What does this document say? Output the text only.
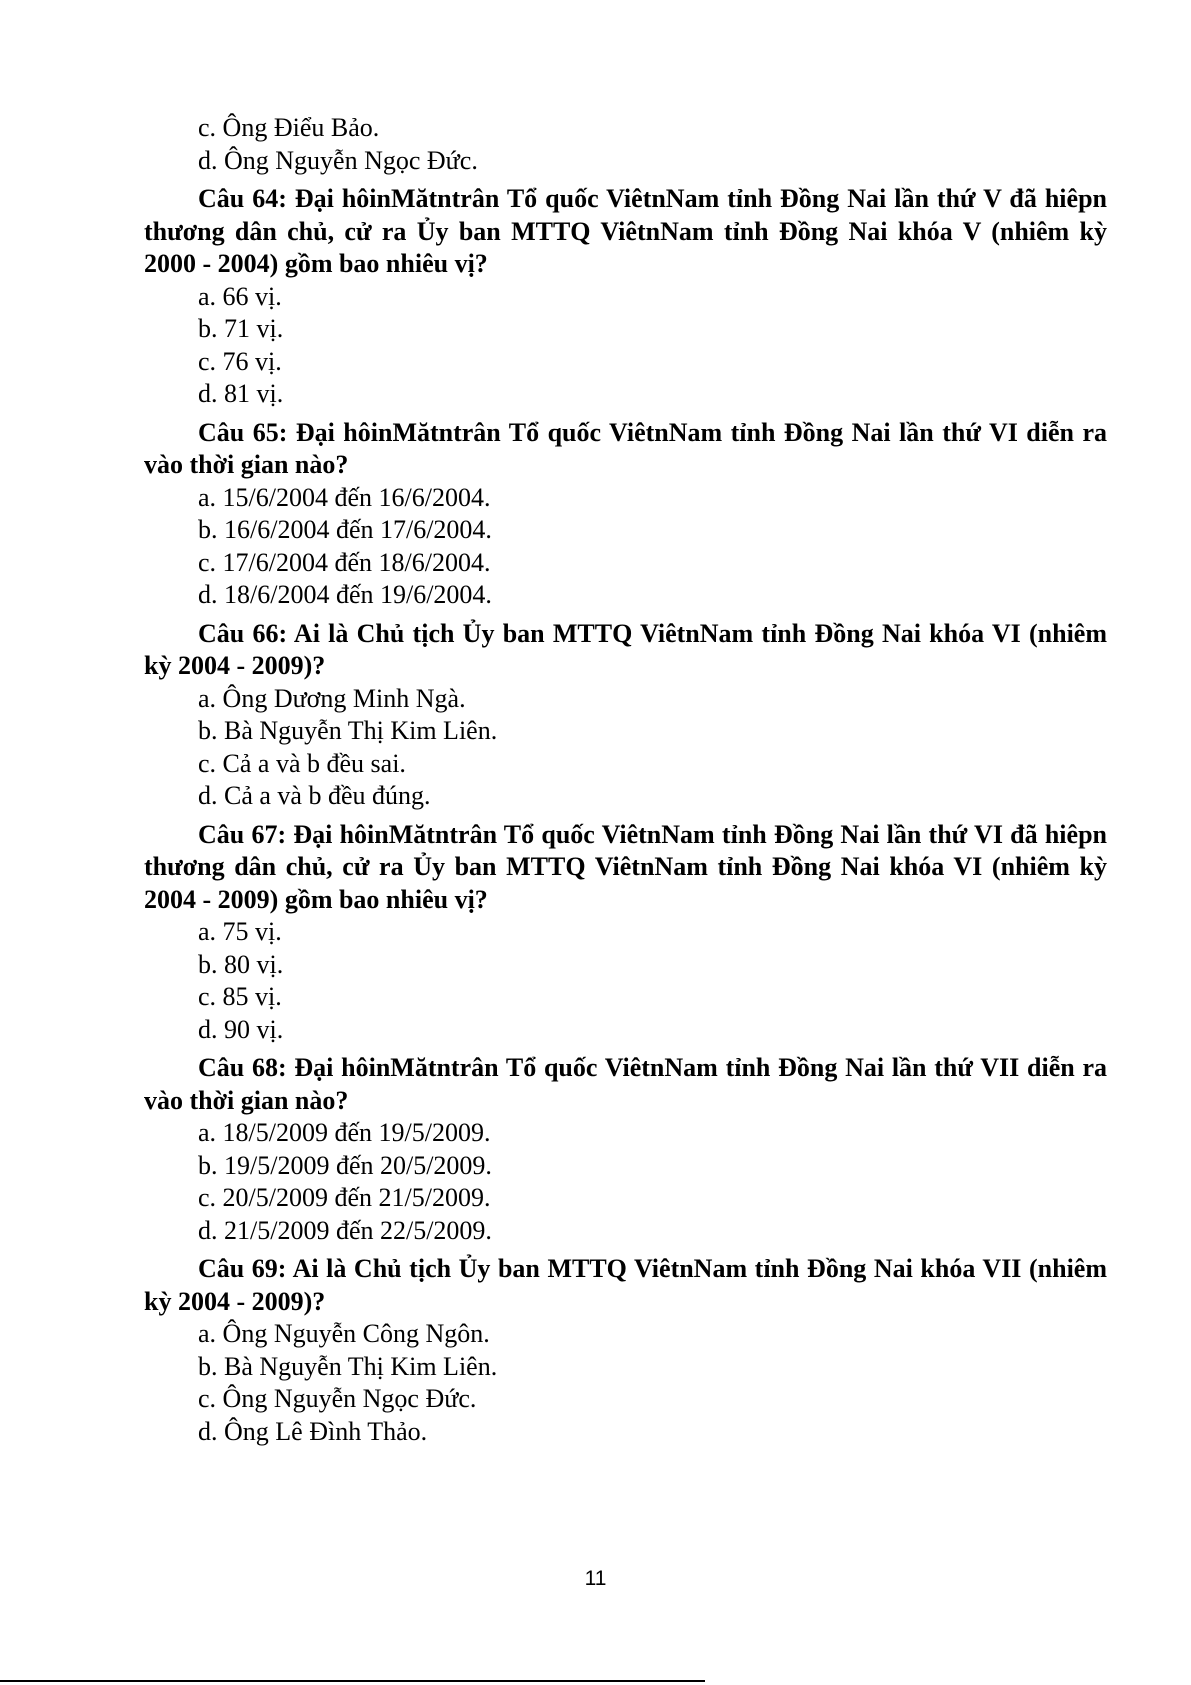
c. Ông Điểu Bảo.
d. Ông Nguyễn Ngọc Đức.
Câu 64: Đại hôinMătntrân Tổ quốc ViêtnNam tỉnh Đồng Nai lần thứ V đã hiêpn thương dân chủ, cử ra Ủy ban MTTQ ViêtnNam tỉnh Đồng Nai khóa V (nhiêm kỳ 2000 - 2004) gồm bao nhiêu vị?
a. 66 vị.
b. 71 vị.
c. 76 vị.
d. 81 vị.
Câu 65: Đại hôinMătntrân Tổ quốc ViêtnNam tỉnh Đồng Nai lần thứ VI diễn ra vào thời gian nào?
a. 15/6/2004 đến 16/6/2004.
b. 16/6/2004 đến 17/6/2004.
c. 17/6/2004 đến 18/6/2004.
d. 18/6/2004 đến 19/6/2004.
Câu 66: Ai là Chủ tịch Ủy ban MTTQ ViêtnNam tỉnh Đồng Nai khóa VI (nhiêm kỳ 2004 - 2009)?
a. Ông Dương Minh Ngà.
b. Bà Nguyễn Thị Kim Liên.
c. Cả a và b đều sai.
d. Cả a và b đều đúng.
Câu 67: Đại hôinMătntrân Tổ quốc ViêtnNam tỉnh Đồng Nai lần thứ VI đã hiêpn thương dân chủ, cử ra Ủy ban MTTQ ViêtnNam tỉnh Đồng Nai khóa VI (nhiêm kỳ 2004 - 2009) gồm bao nhiêu vị?
a. 75 vị.
b. 80 vị.
c. 85 vị.
d. 90 vị.
Câu 68: Đại hôinMătntrân Tổ quốc ViêtnNam tỉnh Đồng Nai lần thứ VII diễn ra vào thời gian nào?
a. 18/5/2009 đến 19/5/2009.
b. 19/5/2009 đến 20/5/2009.
c. 20/5/2009 đến 21/5/2009.
d. 21/5/2009 đến 22/5/2009.
Câu 69: Ai là Chủ tịch Ủy ban MTTQ ViêtnNam tỉnh Đồng Nai khóa VII (nhiêm kỳ 2004 - 2009)?
a. Ông Nguyễn Công Ngôn.
b. Bà Nguyễn Thị Kim Liên.
c. Ông Nguyễn Ngọc Đức.
d. Ông Lê Đình Thảo.
11
